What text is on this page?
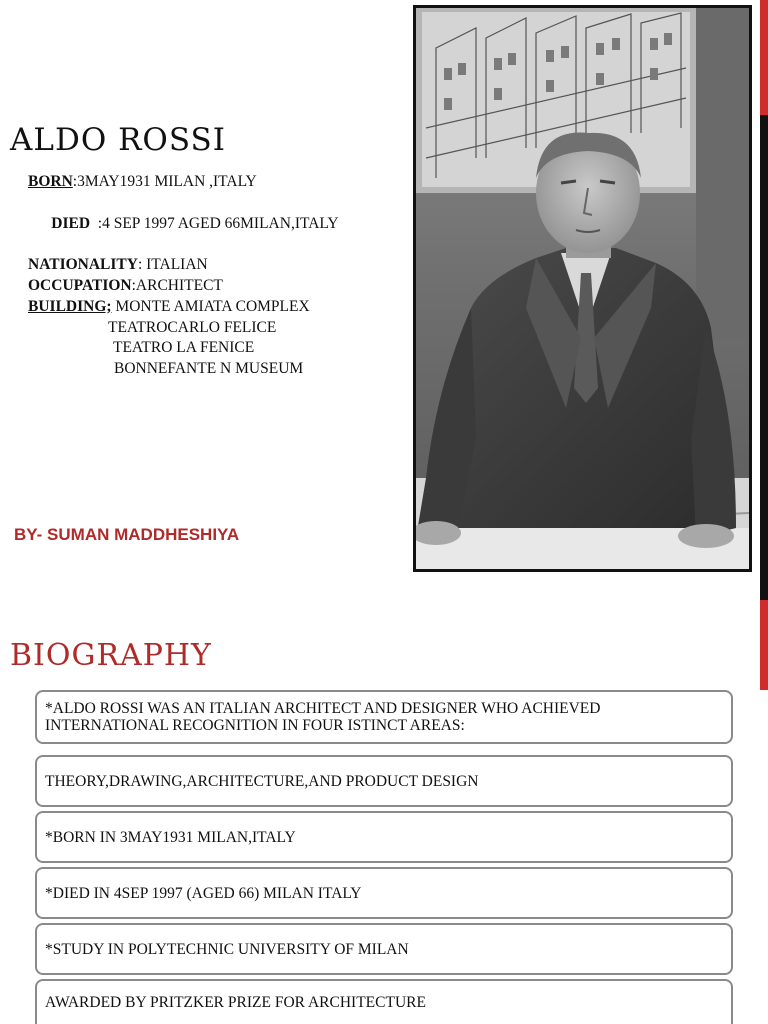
ALDO ROSSI
BORN:3MAY1931 MILAN ,ITALY

DIED  :4 SEP 1997 AGED 66MILAN,ITALY

NATIONALITY: ITALIAN
OCCUPATION:ARCHITECT
BUILDING; MONTE AMIATA COMPLEX
TEATROCARLO FELICE
TEATRO LA FENICE
BONNEFANTE N MUSEUM
BY- SUMAN MADDHESHIYA
BIOGRAPHY
*ALDO ROSSI WAS AN ITALIAN ARCHITECT AND DESIGNER WHO ACHIEVED INTERNATIONAL RECOGNITION IN FOUR ISTINCT AREAS:
THEORY,DRAWING,ARCHITECTURE,AND PRODUCT DESIGN
*BORN IN 3MAY1931 MILAN,ITALY
*DIED IN 4SEP 1997 (AGED 66) MILAN ITALY
*STUDY IN POLYTECHNIC UNIVERSITY OF MILAN
AWARDED BY PRITZKER PRIZE FOR ARCHITECTURE
